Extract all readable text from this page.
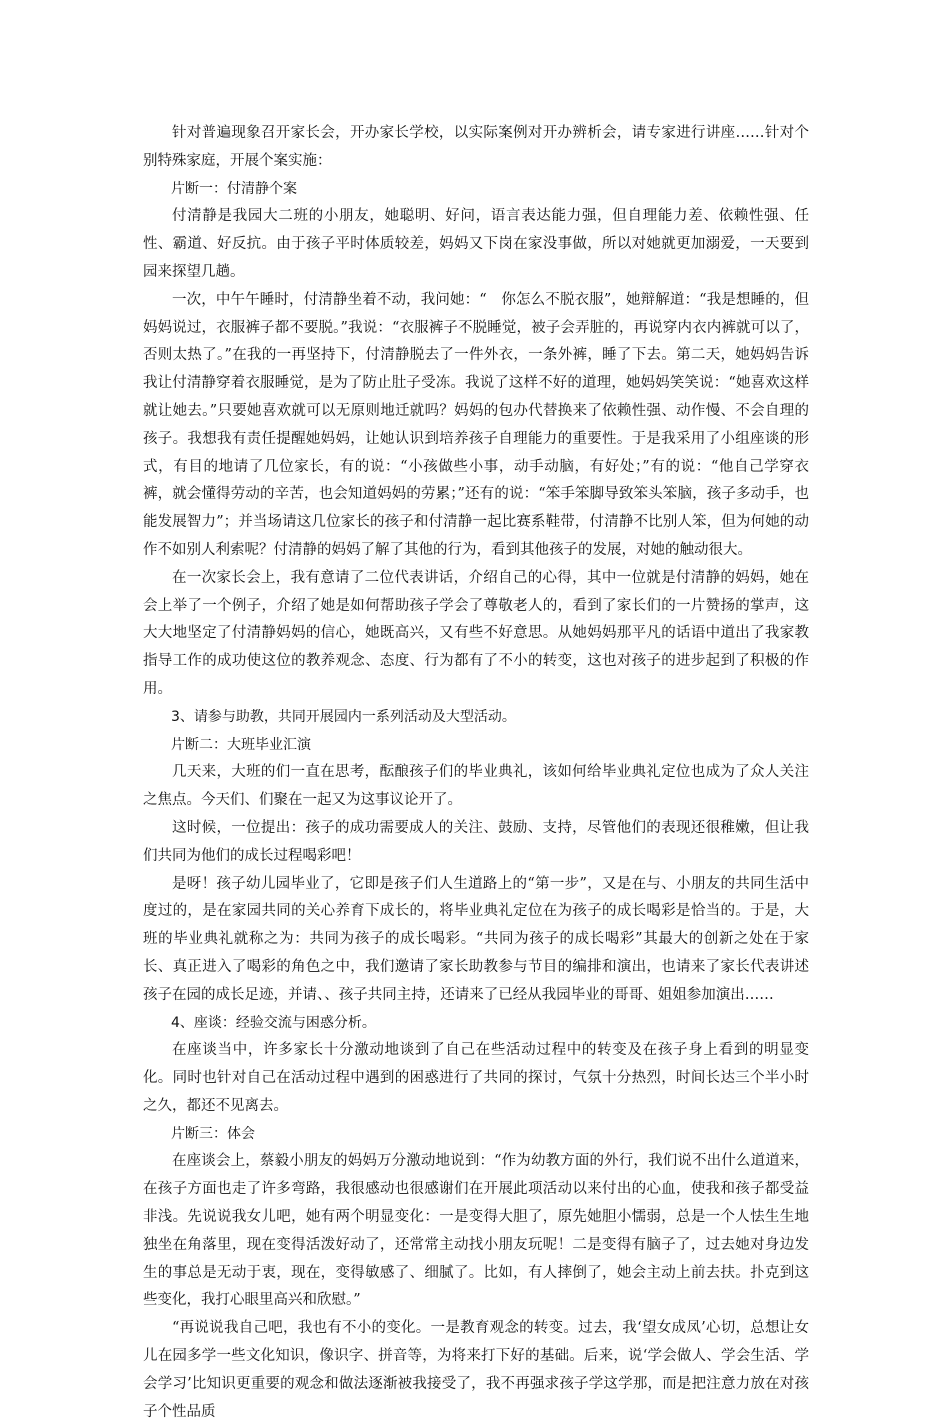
针对普遍现象召开家长会，开办家长学校，以实际案例对开办辨析会，请专家进行讲座……针对个别特殊家庭，开展个案实施：

片断一：付清静个案

付清静是我园大二班的小朋友，她聪明、好问，语言表达能力强，但自理能力差、依赖性强、任性、霸道、好反抗。由于孩子平时体质较差，妈妈又下岗在家没事做，所以对她就更加溺爱，一天要到园来探望几趟。

一次，中午午睡时，付清静坐着不动，我问她：“　你怎么不脱衣服”，她辩解道：“我是想睡的，但妈妈说过，衣服裤子都不要脱。”我说：“衣服裤子不脱睡觉，被子会弄脏的，再说穿内衣内裤就可以了，否则太热了。”在我的一再坚持下，付清静脱去了一件外衣，一条外裤，睡了下去。第二天，她妈妈告诉我让付清静穿着衣服睡觉，是为了防止肚子受冻。我说了这样不好的道理，她妈妈笑笑说：“她喜欢这样就让她去。”只要她喜欢就可以无原则地迁就吗？妈妈的包办代替换来了依赖性强、动作慢、不会自理的孩子。我想我有责任提醒她妈妈，让她认识到培养孩子自理能力的重要性。于是我采用了小组座谈的形式，有目的地请了几位家长，有的说：“小孩做些小事，动手动脑，有好处；”有的说：“他自己学穿衣裤，就会懂得劳动的辛苦，也会知道妈妈的劳累；”还有的说：“笨手笨脚导致笨头笨脑，孩子多动手，也能发展智力”；并当场请这几位家长的孩子和付清静一起比赛系鞋带，付清静不比别人笨，但为何她的动作不如别人利索呢？付清静的妈妈了解了其他的行为，看到其他孩子的发展，对她的触动很大。

在一次家长会上，我有意请了二位代表讲话，介绍自己的心得，其中一位就是付清静的妈妈，她在会上举了一个例子，介绍了她是如何帮助孩子学会了尊敬老人的，看到了家长们的一片赞扬的掌声，这大大地坚定了付清静妈妈的信心，她既高兴，又有些不好意思。从她妈妈那平凡的话语中道出了我家教指导工作的成功使这位的教养观念、态度、行为都有了不小的转变，这也对孩子的进步起到了积极的作用。

3、请参与助教，共同开展园内一系列活动及大型活动。

片断二：大班毕业汇演

几天来，大班的们一直在思考，酝酿孩子们的毕业典礼，该如何给毕业典礼定位也成为了众人关注之焦点。今天们、们聚在一起又为这事议论开了。

这时候，一位提出：孩子的成功需要成人的关注、鼓励、支持，尽管他们的表现还很稚嫩，但让我们共同为他们的成长过程喝彩吧！

是呀！孩子幼儿园毕业了，它即是孩子们人生道路上的“第一步”，又是在与、小朋友的共同生活中度过的，是在家园共同的关心养育下成长的，将毕业典礼定位在为孩子的成长喝彩是恰当的。于是，大班的毕业典礼就称之为：共同为孩子的成长喝彩。“共同为孩子的成长喝彩”其最大的创新之处在于家长、真正进入了喝彩的角色之中，我们邀请了家长助教参与节目的编排和演出，也请来了家长代表讲述孩子在园的成长足迹，并请、、孩子共同主持，还请来了已经从我园毕业的哥哥、姐姐参加演出……

4、座谈：经验交流与困惑分析。

在座谈当中，许多家长十分激动地谈到了自己在些活动过程中的转变及在孩子身上看到的明显变化。同时也针对自己在活动过程中遇到的困惑进行了共同的探讨，气氛十分热烈，时间长达三个半小时之久，都还不见离去。

片断三：体会

在座谈会上，蔡毅小朋友的妈妈万分激动地说到：“作为幼教方面的外行，我们说不出什么道道来，在孩子方面也走了许多弯路，我很感动也很感谢们在开展此项活动以来付出的心血，使我和孩子都受益非浅。先说说我女儿吧，她有两个明显变化：一是变得大胆了，原先她胆小懦弱，总是一个人怯生生地独坐在角落里，现在变得活泼好动了，还常常主动找小朋友玩呢！二是变得有脑子了，过去她对身边发生的事总是无动于衷，现在，变得敏感了、细腻了。比如，有人摔倒了，她会主动上前去扶。扑克到这些变化，我打心眼里高兴和欣慰。”

“再说说我自己吧，我也有不小的变化。一是教育观念的转变。过去，我‘望女成凤’心切，总想让女儿在园多学一些文化知识，像识字、拼音等，为将来打下好的基础。后来，说‘学会做人、学会生活、学会学习’比知识更重要的观念和做法逐渐被我接受了，我不再强求孩子学这学那，而是把注意力放在对孩子个性品质
